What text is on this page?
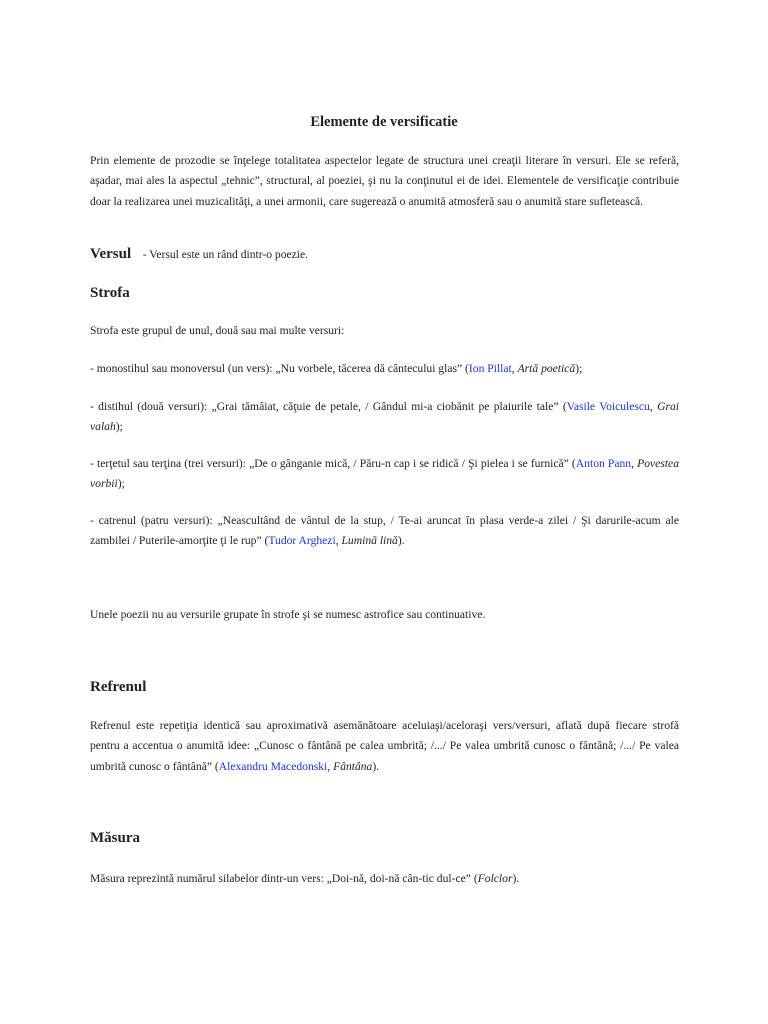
Elemente de versificatie

Prin elemente de prozodie se înţelege totalitatea aspectelor legate de structura unei creaţii literare în versuri. Ele se referă, aşadar, mai ales la aspectul „tehnic”, structural, al poeziei, şi nu la conţinutul ei de idei. Elementele de versificaţie contribuie doar la realizarea unei muzicalităţi, a unei armonii, care sugerează o anumită atmosferă sau o anumită stare sufletească.

Versul - Versul este un rând dintr-o poezie.

Strofa

Strofa este grupul de unul, două sau mai multe versuri:

- monostihul sau monoversul (un vers): „Nu vorbele, tăcerea dă cântecului glas” (Ion Pillat, Artă poetică);

- distihul (două versuri): „Grai tămâiat, căţuie de petale, / Gândul mi-a ciobănit pe plaiurile tale” (Vasile Voiculescu, Grai valah);

- terţetul sau terţina (trei versuri): „De o gânganie mică, / Păru-n cap i se ridică / Şi pielea i se furnică” (Anton Pann, Povestea vorbii);

- catrenul (patru versuri): „Neascultând de vântul de la stup, / Te-ai aruncat în plasa verde-a zilei / Şi darurile-acum ale zambilei / Puterile-amorţite ţi le rup” (Tudor Arghezi, Lumină lină).

Unele poezii nu au versurile grupate în strofe şi se numesc astrofice sau continuative.

Refrenul

Refrenul este repetiţia identică sau aproximativă asemănătoare aceluiaşi/aceloraşi vers/versuri, aflată după fiecare strofă pentru a accentua o anumită idee: „Cunosc o fântână pe calea umbrită; /.../ Pe valea umbrită cunosc o fântână; /.../ Pe valea umbrită cunosc o fântână” (Alexandru Macedonski, Fântâna).

Măsura

Măsura reprezintă numărul silabelor dintr-un vers: „Doi-nă, doi-nă cân-tic dul-ce” (Folclor).
